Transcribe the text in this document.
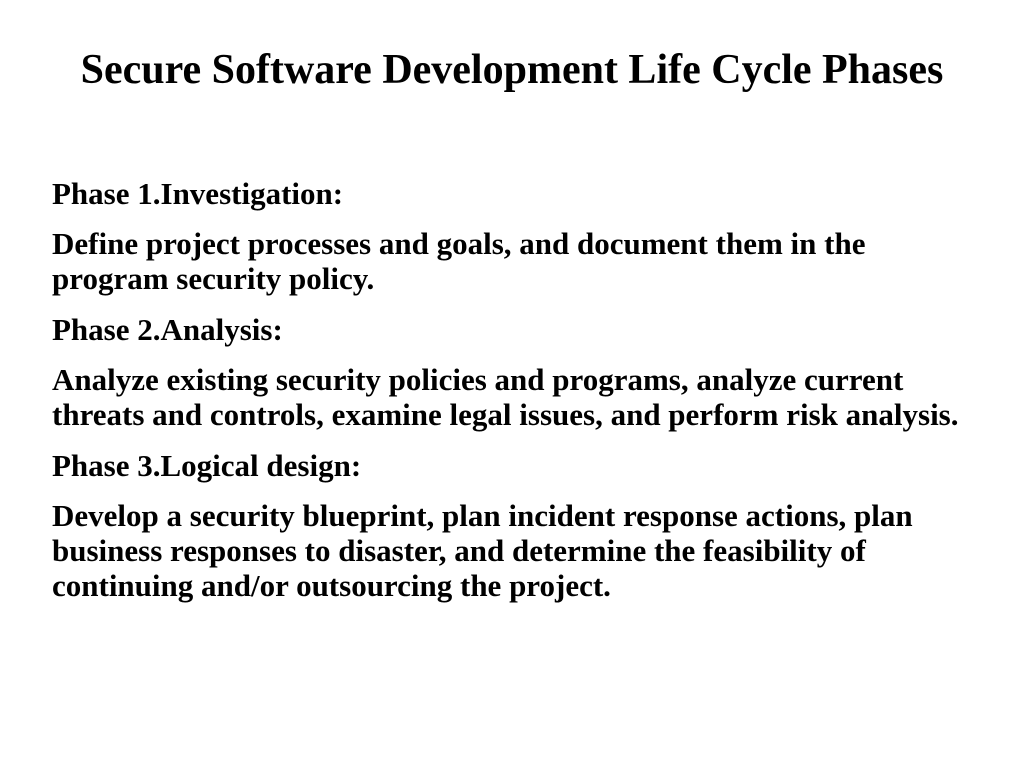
Secure Software Development Life Cycle Phases

Phase 1.Investigation:

Define project processes and goals, and document them in the program security policy.

Phase 2.Analysis:

Analyze existing security policies and programs, analyze current threats and controls, examine legal issues, and perform risk analysis.

Phase 3.Logical design:

Develop a security blueprint, plan incident response actions, plan business responses to disaster, and determine the feasibility of continuing and/or outsourcing the project.
